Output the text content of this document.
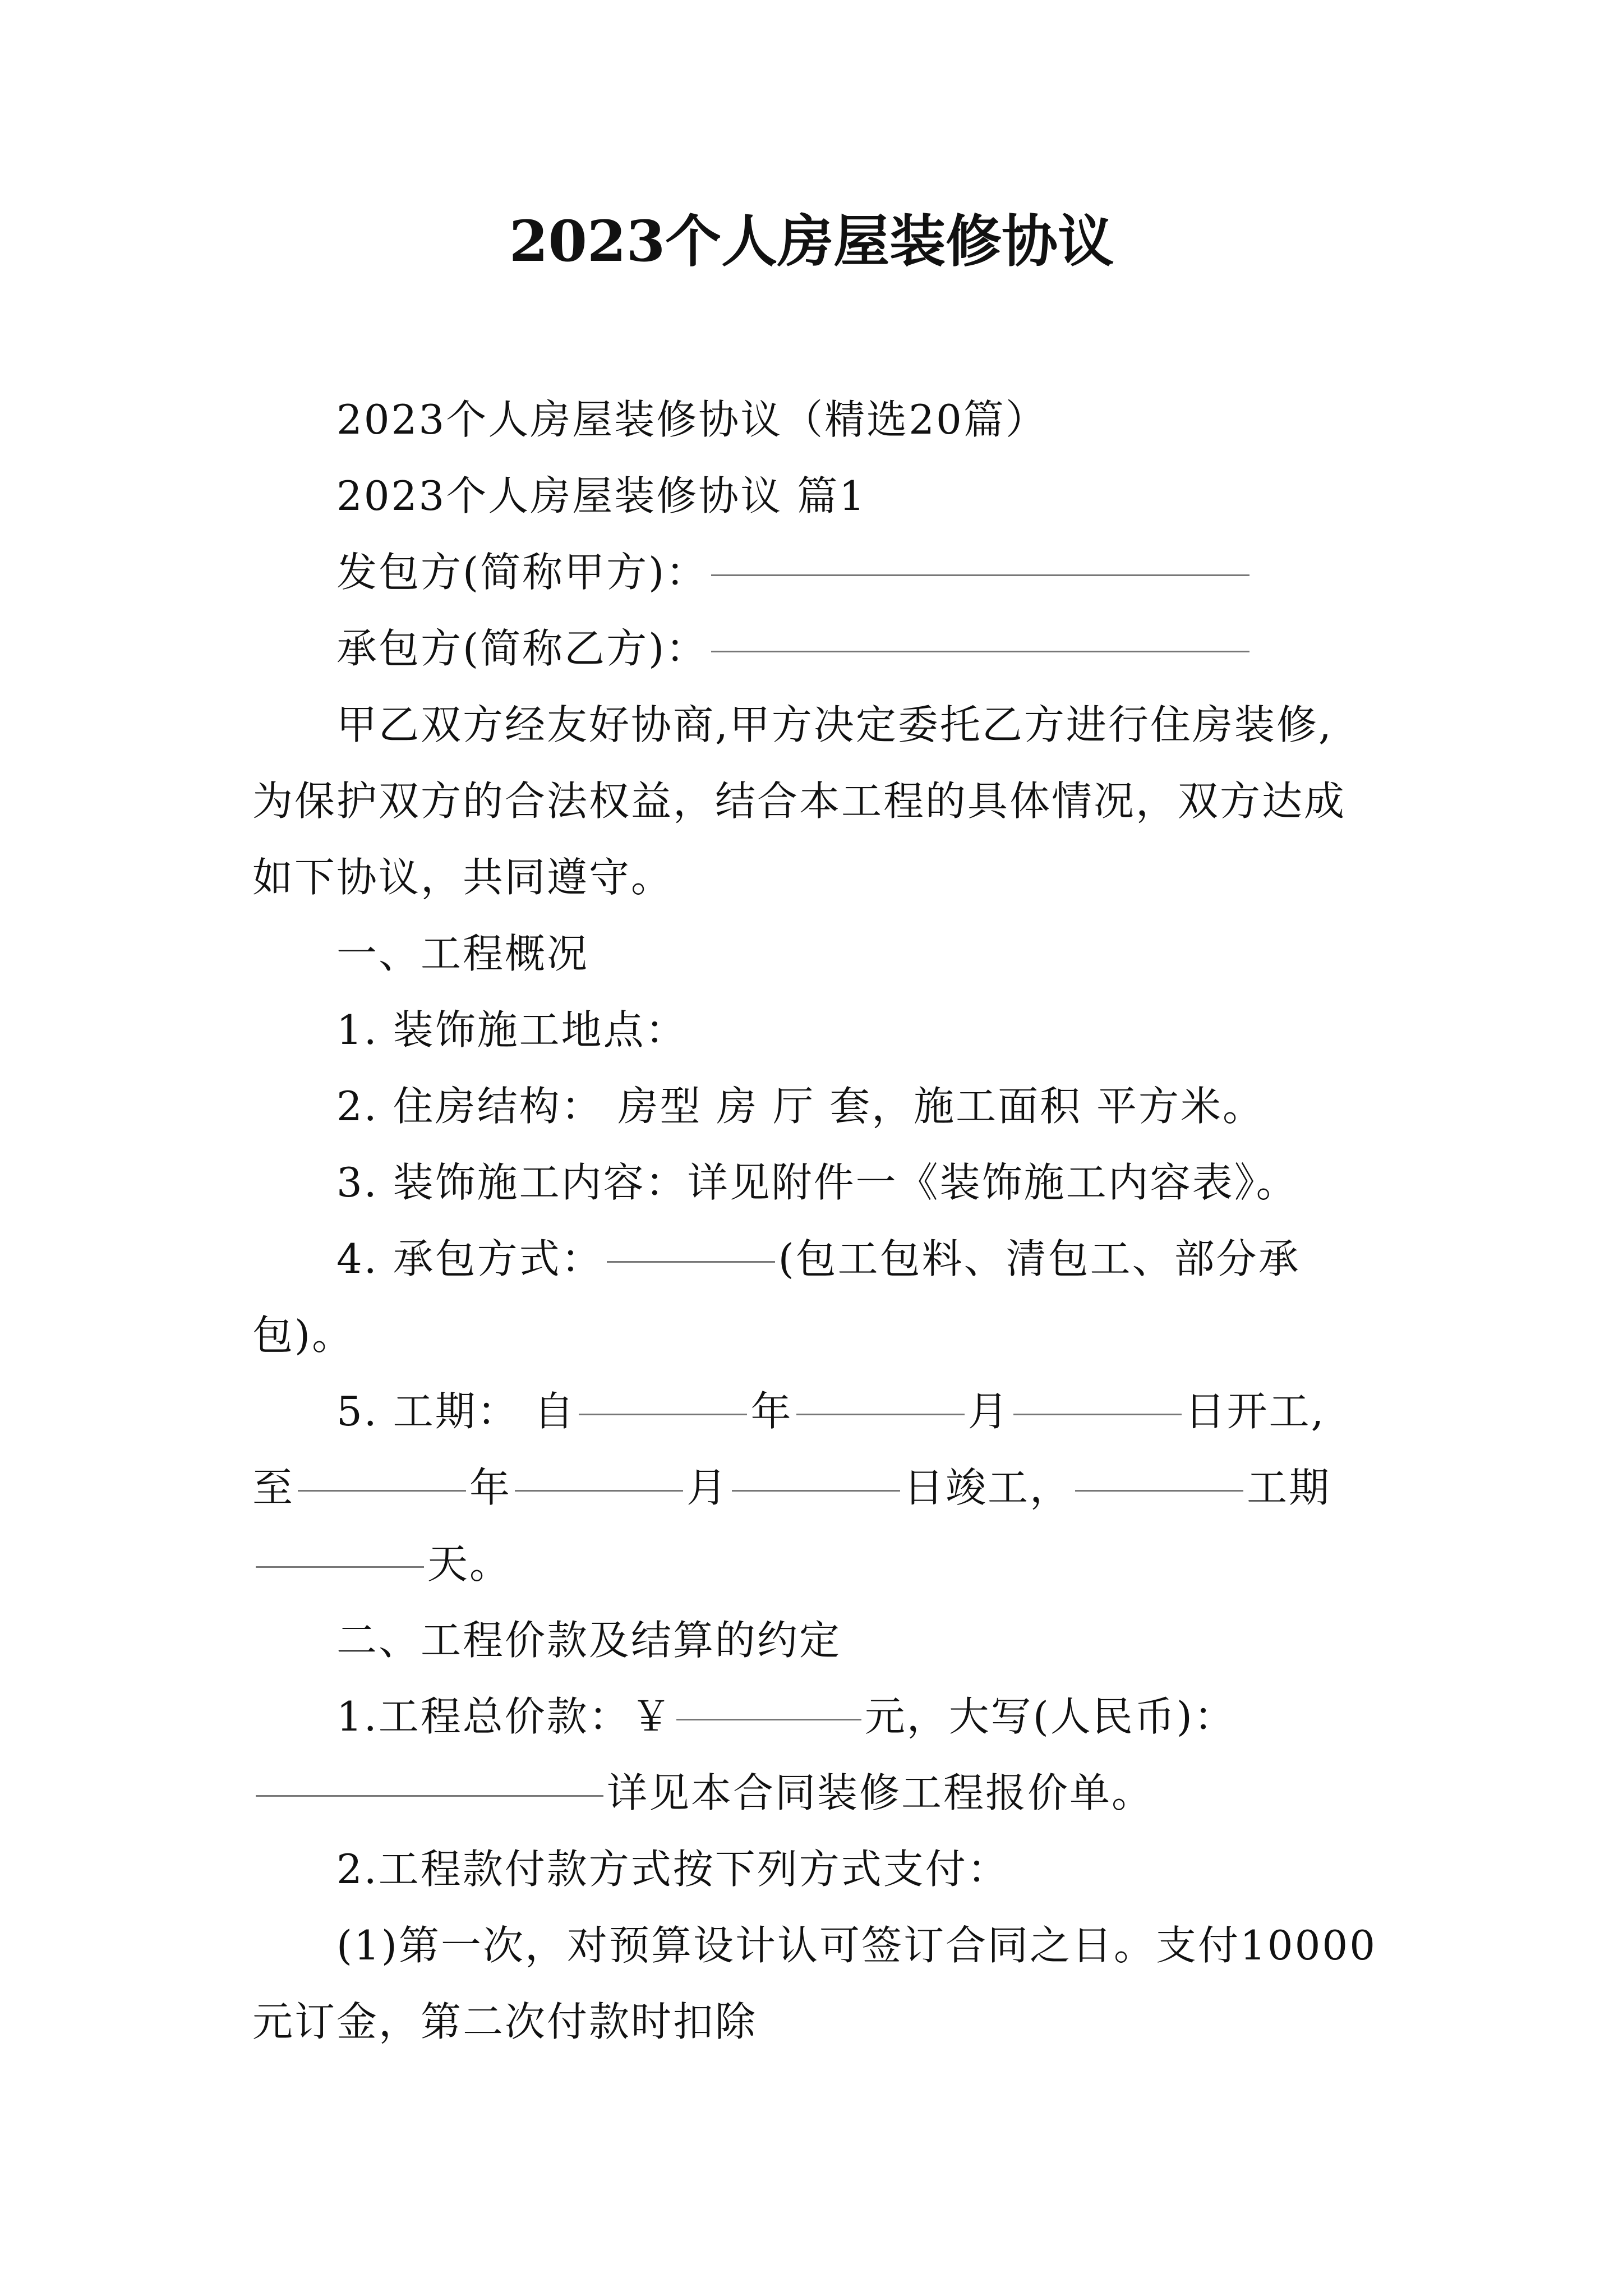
2023个人房屋装修协议
2023个人房屋装修协议（精选20篇）
2023个人房屋装修协议 篇1
发包方(简称甲方)：
承包方(简称乙方)：
甲乙双方经友好协商,甲方决定委托乙方进行住房装修,
为保护双方的合法权益，结合本工程的具体情况，双方达成
如下协议，共同遵守。
一、工程概况
1. 装饰施工地点：
2. 住房结构： 房型 房 厅 套，施工面积 平方米。
3. 装饰施工内容：详见附件一《装饰施工内容表》。
4. 承包方式：	(包工包料、清包工、部分承
包)。
5. 工期： 自	年	月	日开工,
至	年	月	日竣工，	工期
天。
二、工程价款及结算的约定
1.工程总价款：￥	元，大写(人民币)：
详见本合同装修工程报价单。
2.工程款付款方式按下列方式支付：
(1)第一次，对预算设计认可签订合同之日。支付10000
元订金，第二次付款时扣除
